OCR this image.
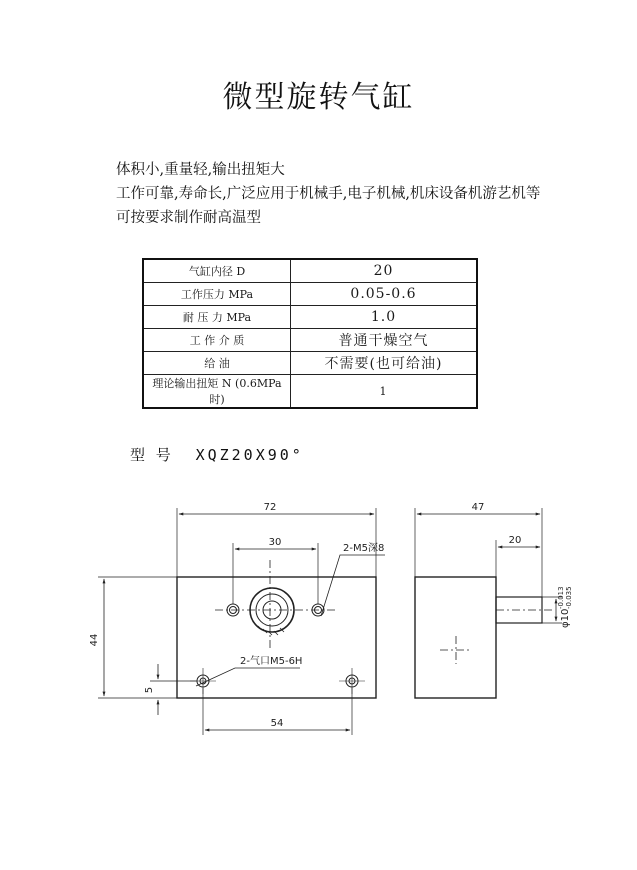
微型旋转气缸
体积小,重量轻,输出扭矩大
工作可靠,寿命长,广泛应用于机械手,电子机械,机床设备机游艺机等
可按要求制作耐高温型
气缸内径 D	20
工作压力 MPa	0.05-0.6
耐 压 力 MPa	1.0
工 作 介 质	普通干燥空气
给 油	不需要(也可给油)
理论输出扭矩 N (0.6MPa时)	1
型 号 XQZ20X90°
72
30
2-M5深8
2-气口M5-6H
44
5
54
47
20
φ10
-0.013 -0.035
